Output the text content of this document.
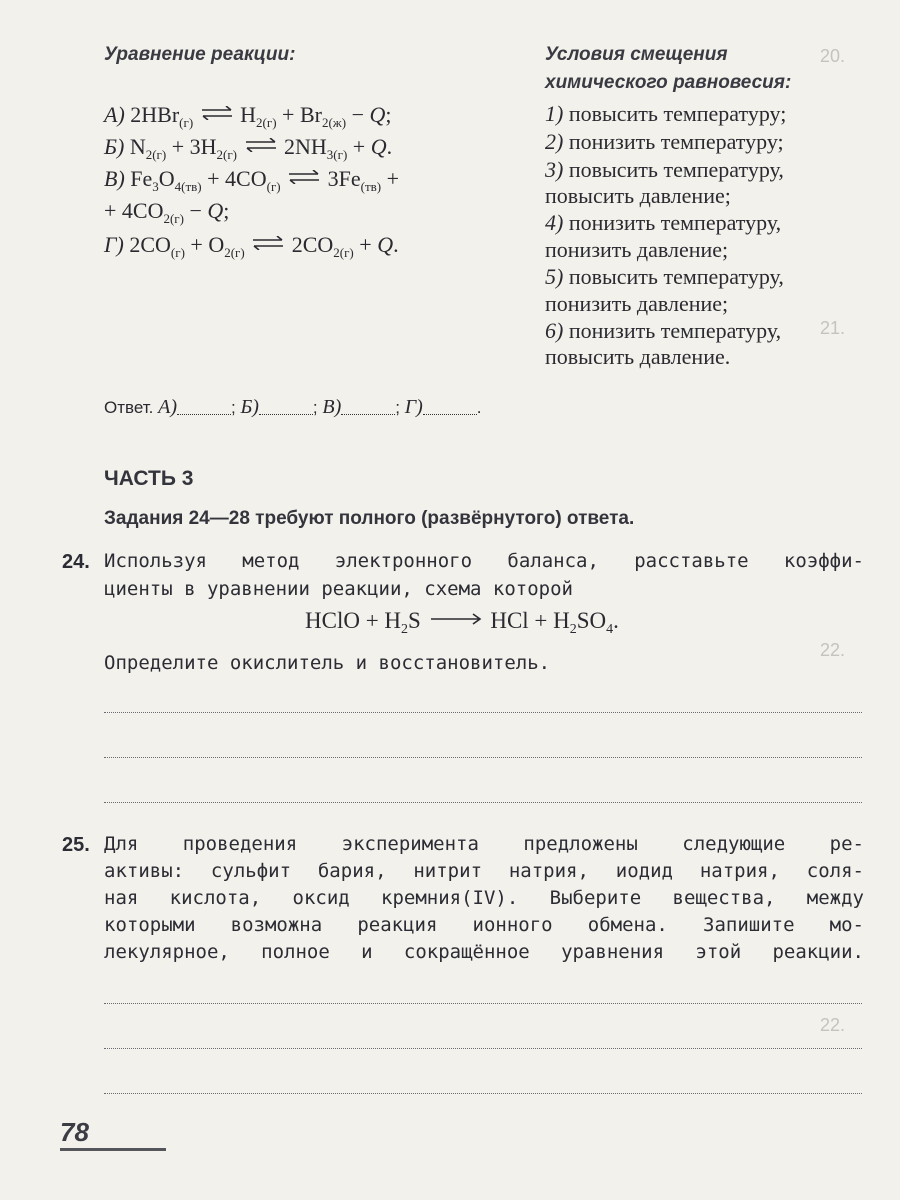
20.
21.
22.
22.
Уравнение реакции:	Условия смещения
химического равновесия:
А) 2HBr$_{(г)}$ ⇌ $H_{2(г)} + Br_{2(ж)} - Q$;
Б) $N_{2(г)} + 3H_{2(г)}$ ⇌ $2NH_{3(г)} + Q$.
В) $Fe_3O_{4(тв)} + 4CO_{(г)}$ ⇌ $3Fe_{(тв)}$ +
+ $4CO_{2(г)} - Q$;
Г) $2CO_{(г)} + O_{2(г)}$ ⇌ $2CO_{2(г)} + Q$.
1) повысить температуру;
2) понизить температуру;
3) повысить температуру,
повысить давление;
4) понизить температуру,
понизить давление;
5) повысить температуру,
понизить давление;
6) понизить температуру,
повысить давление.
Ответ. А)	; Б)	; В)	; Г)	.
ЧАСТЬ 3
Задания 24—28 требуют полного (развёрнутого) ответа.
24. Используя метод электронного баланса, расставьте коэффи-
циенты в уравнении реакции, схема которой
HClO + $H_2S$ → HCl + $H_2SO_4$.
Определите окислитель и восстановитель.
25. Для проведения эксперимента предложены следующие ре-
активы: сульфит бария, нитрит натрия, иодид натрия, соля-
ная кислота, оксид кремния(IV). Выберите вещества, между
которыми возможна реакция ионного обмена. Запишите мо-
лекулярное, полное и сокращённое уравнения этой реакции.
78
